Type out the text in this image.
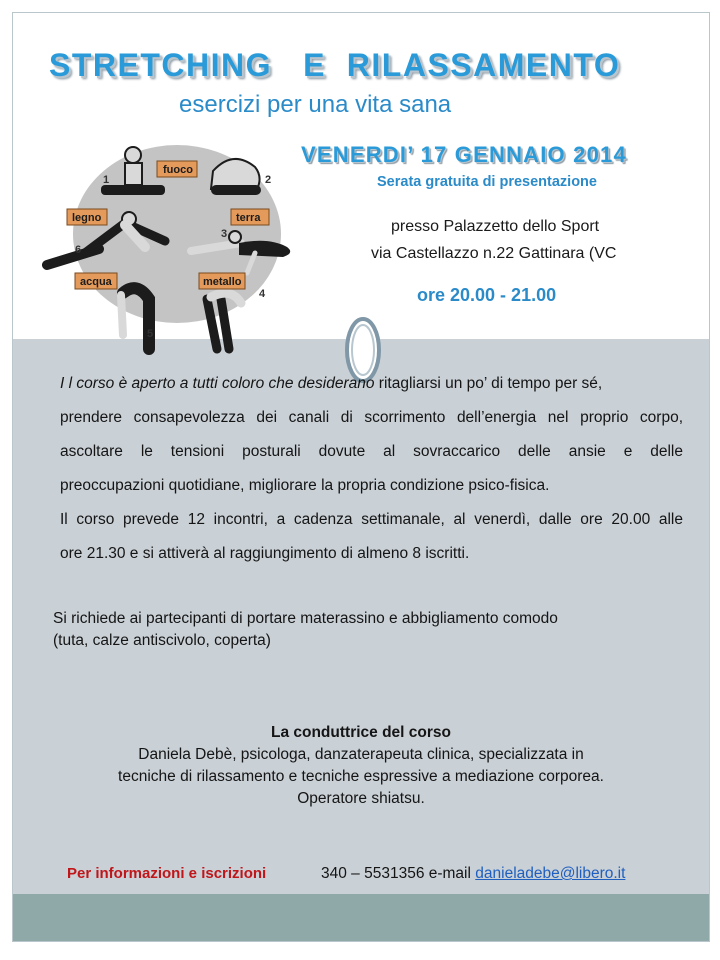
STRETCHING   E  RILASSAMENTO
esercizi per una vita sana
1	2
3
4
5
6
fuoco
legno	terra
acqua	metallo
VENERDI’ 17 GENNAIO 2014
Serata gratuita di presentazione
presso Palazzetto dello Sport
via Castellazzo n.22 Gattinara (VC
ore 20.00 - 21.00
I l corso è aperto a tutti coloro che desiderano ritagliarsi un po’ di tempo per sé,
prendere consapevolezza dei canali di scorrimento dell’energia nel proprio corpo,
ascoltare le tensioni posturali dovute al sovraccarico delle ansie e delle
preoccupazioni quotidiane, migliorare la propria condizione psico-fisica.
Il corso prevede 12 incontri, a cadenza settimanale, al venerdì, dalle ore 20.00 alle
ore 21.30 e si attiverà al raggiungimento di almeno 8 iscritti.
Si richiede ai partecipanti di portare materassino e abbigliamento comodo
(tuta, calze antiscivolo, coperta)
La conduttrice del corso
Daniela Debè, psicologa, danzaterapeuta clinica, specializzata in
tecniche di rilassamento e tecniche espressive a mediazione corporea.
Operatore shiatsu.
Per informazioni e iscrizioni	340 – 5531356 e-mail danieladebe@libero.it
